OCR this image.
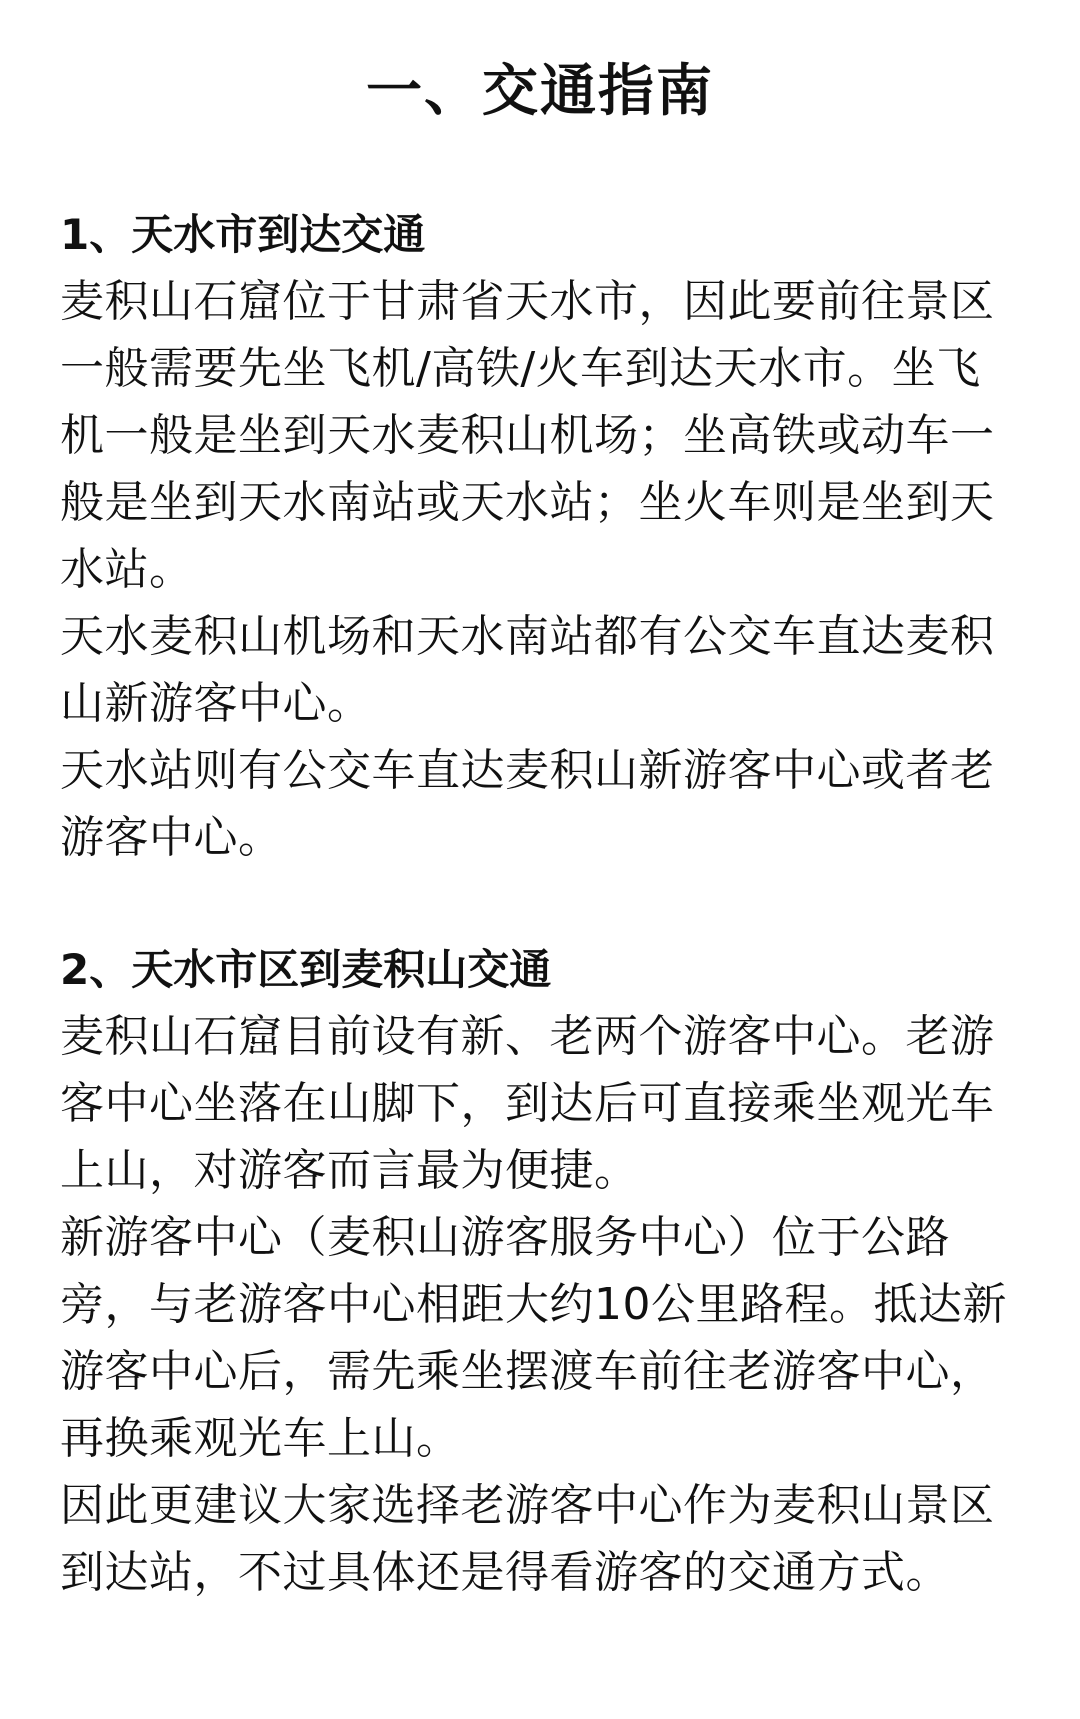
一、交通指南
1、天水市到达交通

麦积山石窟位于甘肃省天水市，因此要前往景区一般需要先坐飞机/高铁/火车到达天水市。坐飞机一般是坐到天水麦积山机场；坐高铁或动车一般是坐到天水南站或天水站；坐火车则是坐到天水站。

天水麦积山机场和天水南站都有公交车直达麦积山新游客中心。

天水站则有公交车直达麦积山新游客中心或者老游客中心。

2、天水市区到麦积山交通

麦积山石窟目前设有新、老两个游客中心。老游客中心坐落在山脚下，到达后可直接乘坐观光车上山，对游客而言最为便捷。

新游客中心（麦积山游客服务中心）位于公路旁，与老游客中心相距大约10公里路程。抵达新游客中心后，需先乘坐摆渡车前往老游客中心，再换乘观光车上山。

因此更建议大家选择老游客中心作为麦积山景区到达站，不过具体还是得看游客的交通方式。
